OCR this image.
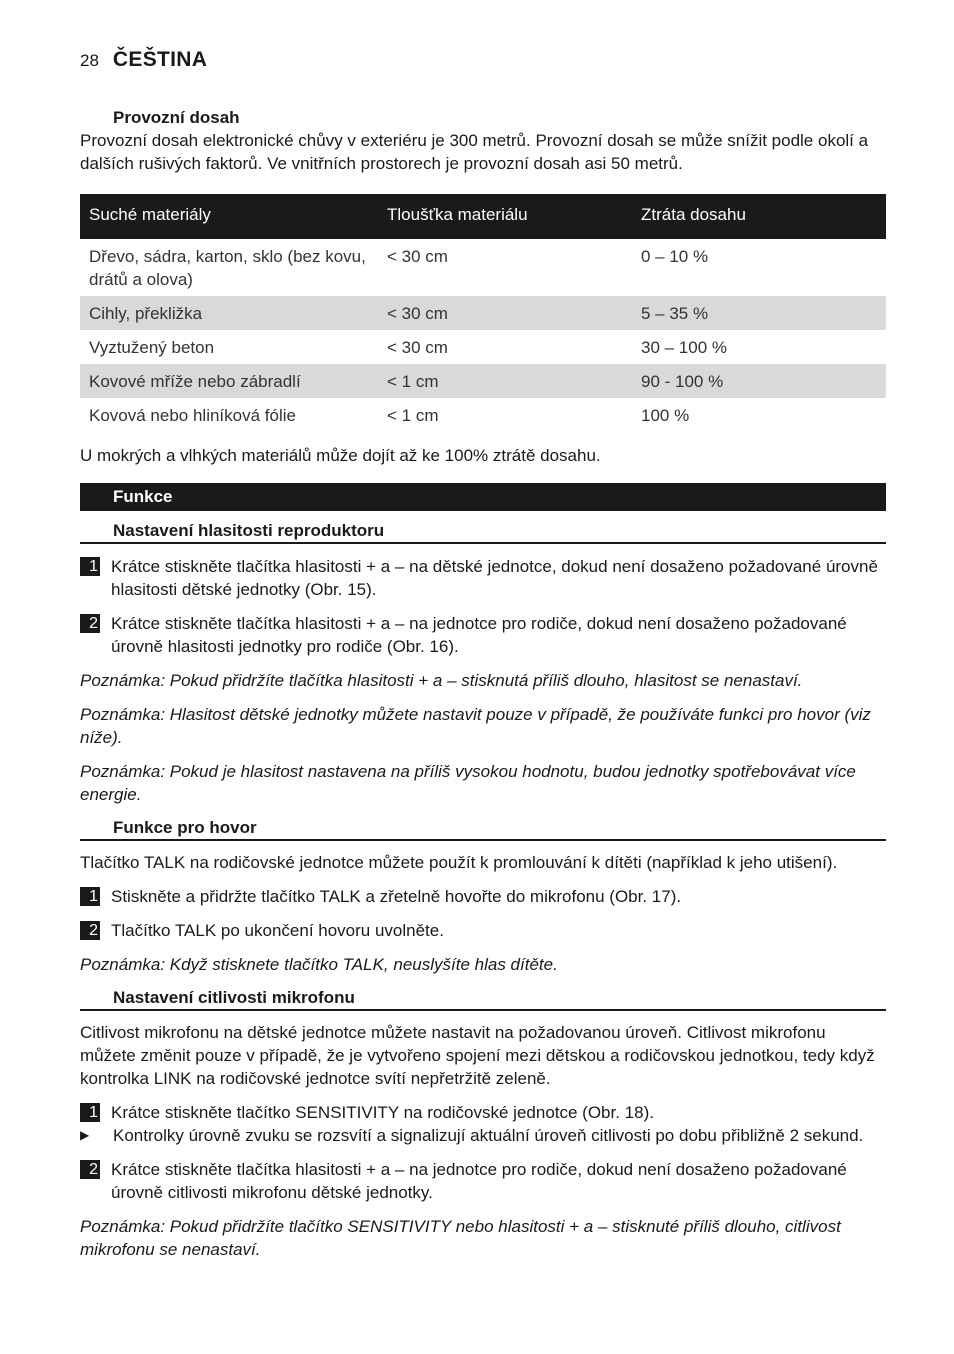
28 ČEŠTINA
Provozní dosah

Provozní dosah elektronické chůvy v exteriéru je 300 metrů. Provozní dosah se může snížit podle okolí a dalších rušivých faktorů. Ve vnitřních prostorech je provozní dosah asi 50 metrů.

Suché materiály	Tloušťka materiálu	Ztráta dosahu
Dřevo, sádra, karton, sklo (bez kovu, drátů a olova)	< 30 cm	0 – 10 %
Cihly, překližka	< 30 cm	5 – 35 %
Vyztužený beton	< 30 cm	30 – 100 %
Kovové mříže nebo zábradlí	< 1 cm	90 - 100 %
Kovová nebo hliníková fólie	< 1 cm	100 %

U mokrých a vlhkých materiálů může dojít až ke 100% ztrátě dosahu.

Funkce
Nastavení hlasitosti reproduktoru
1 Krátce stiskněte tlačítka hlasitosti + a – na dětské jednotce, dokud není dosaženo požadované úrovně hlasitosti dětské jednotky (Obr. 15).
2 Krátce stiskněte tlačítka hlasitosti + a – na jednotce pro rodiče, dokud není dosaženo požadované úrovně hlasitosti jednotky pro rodiče (Obr. 16).

Poznámka: Pokud přidržíte tlačítka hlasitosti + a – stisknutá příliš dlouho, hlasitost se nenastaví.

Poznámka: Hlasitost dětské jednotky můžete nastavit pouze v případě, že používáte funkci pro hovor (viz níže).

Poznámka: Pokud je hlasitost nastavena na příliš vysokou hodnotu, budou jednotky spotřebovávat více energie.

Funkce pro hovor

Tlačítko TALK na rodičovské jednotce můžete použít k promlouvání k dítěti (například k jeho utišení).

1 Stiskněte a přidržte tlačítko TALK a zřetelně hovořte do mikrofonu (Obr. 17).
2 Tlačítko TALK po ukončení hovoru uvolněte.

Poznámka: Když stisknete tlačítko TALK, neuslyšíte hlas dítěte.

Nastavení citlivosti mikrofonu

Citlivost mikrofonu na dětské jednotce můžete nastavit na požadovanou úroveň. Citlivost mikrofonu můžete změnit pouze v případě, že je vytvořeno spojení mezi dětskou a rodičovskou jednotkou, tedy když kontrolka LINK na rodičovské jednotce svítí nepřetržitě zeleně.

1 Krátce stiskněte tlačítko SENSITIVITY na rodičovské jednotce (Obr. 18).
▶	Kontrolky úrovně zvuku se rozsvítí a signalizují aktuální úroveň citlivosti po dobu přibližně 2 sekund.
2 Krátce stiskněte tlačítka hlasitosti + a – na jednotce pro rodiče, dokud není dosaženo požadované úrovně citlivosti mikrofonu dětské jednotky.

Poznámka: Pokud přidržíte tlačítko SENSITIVITY nebo hlasitosti + a – stisknuté příliš dlouho, citlivost mikrofonu se nenastaví.
